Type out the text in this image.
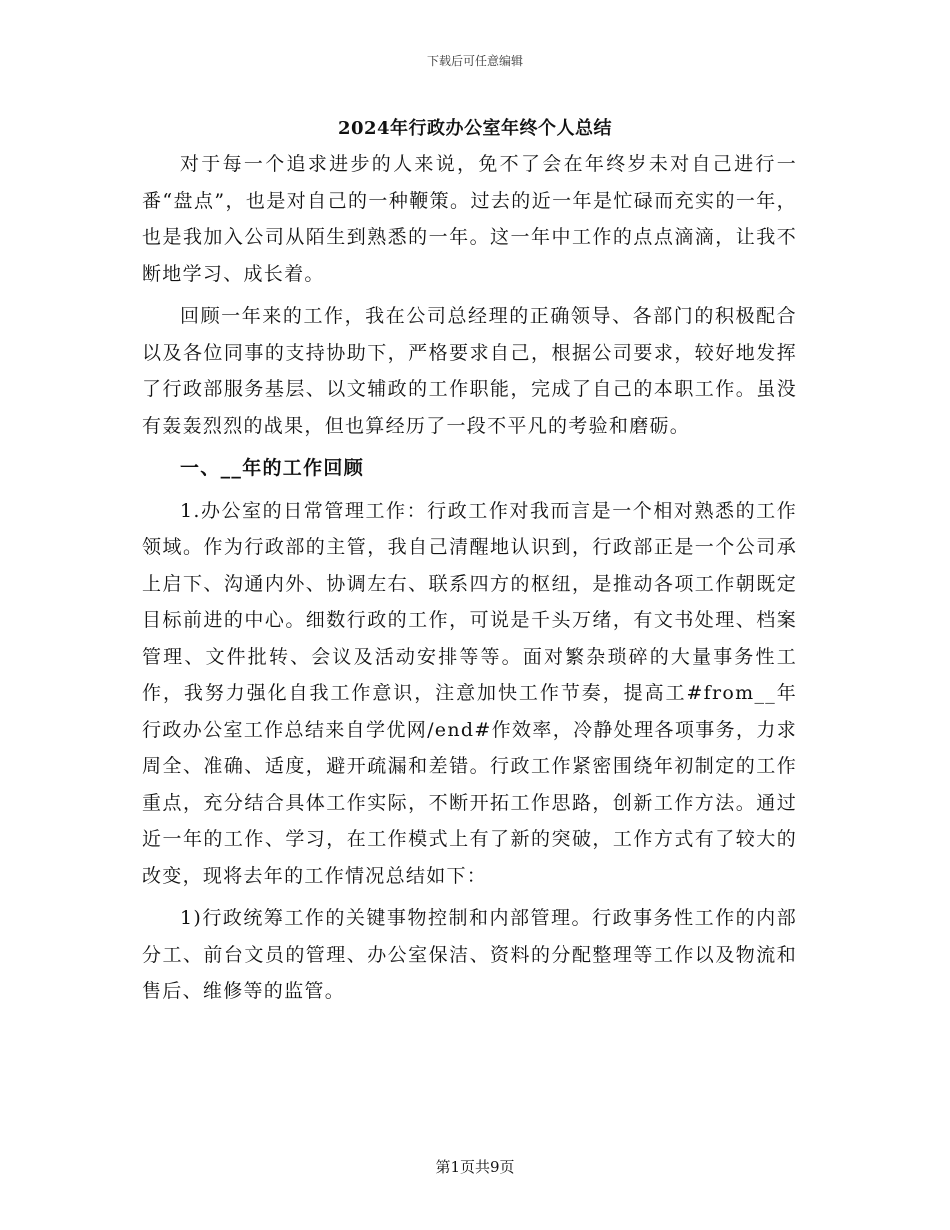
下载后可任意编辑
2024年行政办公室年终个人总结

对于每一个追求进步的人来说，免不了会在年终岁未对自己进行一番“盘点”，也是对自己的一种鞭策。过去的近一年是忙碌而充实的一年，也是我加入公司从陌生到熟悉的一年。这一年中工作的点点滴滴，让我不断地学习、成长着。

回顾一年来的工作，我在公司总经理的正确领导、各部门的积极配合以及各位同事的支持协助下，严格要求自己，根据公司要求，较好地发挥了行政部服务基层、以文辅政的工作职能，完成了自己的本职工作。虽没有轰轰烈烈的战果，但也算经历了一段不平凡的考验和磨砺。

一、__年的工作回顾

1.办公室的日常管理工作：行政工作对我而言是一个相对熟悉的工作领域。作为行政部的主管，我自己清醒地认识到，行政部正是一个公司承上启下、沟通内外、协调左右、联系四方的枢纽，是推动各项工作朝既定目标前进的中心。细数行政的工作，可说是千头万绪，有文书处理、档案管理、文件批转、会议及活动安排等等。面对繁杂琐碎的大量事务性工作，我努力强化自我工作意识，注意加快工作节奏，提高工#from__年行政办公室工作总结来自学优网/end#作效率，冷静处理各项事务，力求周全、准确、适度，避开疏漏和差错。行政工作紧密围绕年初制定的工作重点，充分结合具体工作实际，不断开拓工作思路，创新工作方法。通过近一年的工作、学习，在工作模式上有了新的突破，工作方式有了较大的改变，现将去年的工作情况总结如下：

1)行政统筹工作的关键事物控制和内部管理。行政事务性工作的内部分工、前台文员的管理、办公室保洁、资料的分配整理等工作以及物流和售后、维修等的监管。

第1页共9页
